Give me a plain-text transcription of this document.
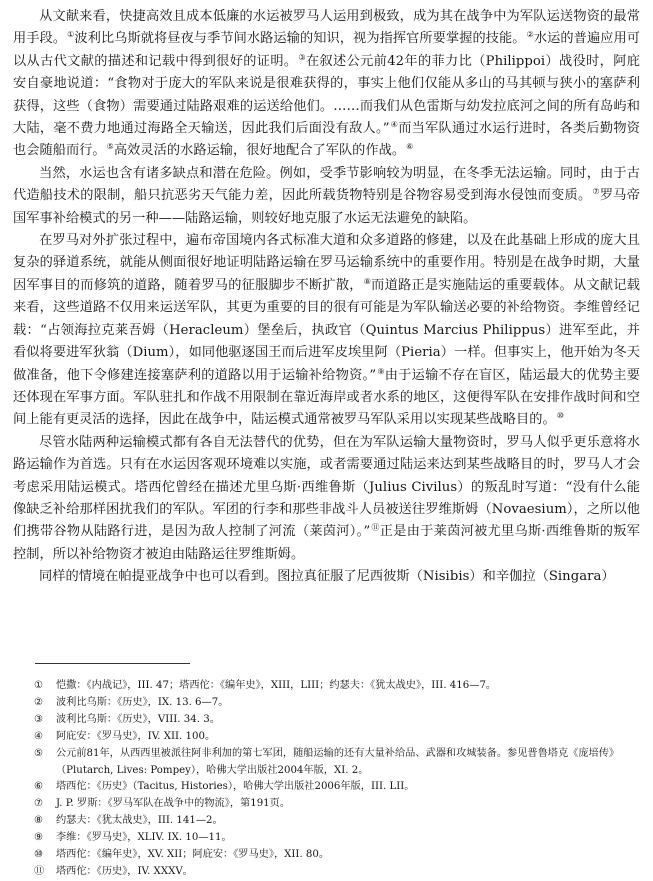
从文献来看，快捷高效且成本低廉的水运被罗马人运用到极致，成为其在战争中为军队运送物资的最常用手段。①波利比乌斯就将昼夜与季节间水路运输的知识，视为指挥官所要掌握的技能。②水运的普遍应用可以从古代文献的描述和记载中得到很好的证明。③在叙述公元前42年的菲力比（Philippoi）战役时，阿庇安自豪地说道：“食物对于庞大的军队来说是很难获得的，事实上他们仅能从多山的马其顿与狭小的塞萨利获得，这些（食物）需要通过陆路艰难的运送给他们。……而我们从色雷斯与幼发拉底河之间的所有岛屿和大陆，毫不费力地通过海路全天输送，因此我们后面没有敌人。”④而当军队通过水运行进时，各类后勤物资也会随船而行。⑤高效灵活的水路运输，很好地配合了军队的作战。⑥

当然，水运也含有诸多缺点和潜在危险。例如，受季节影响较为明显，在冬季无法运输。同时，由于古代造船技术的限制，船只抗恶劣天气能力差，因此所载货物特别是谷物容易受到海水侵蚀而变质。⑦罗马帝国军事补给模式的另一种——陆路运输，则较好地克服了水运无法避免的缺陷。

在罗马对外扩张过程中，遍布帝国境内各式标准大道和众多道路的修建，以及在此基础上形成的庞大且复杂的驿道系统，就能从侧面很好地证明陆路运输在罗马运输系统中的重要作用。特别是在战争时期，大量因军事目的而修筑的道路，随着罗马的征服脚步不断扩散，⑧而道路正是实施陆运的重要载体。从文献记载来看，这些道路不仅用来运送军队，其更为重要的目的很有可能是为军队输送必要的补给物资。李维曾经记载：“占领海拉克莱吾姆（Heracleum）堡垒后，执政官（Quintus Marcius Philippus）进军至此，并看似将要进军狄翁（Dium），如同他驱逐国王而后进军皮埃里阿（Pieria）一样。但事实上，他开始为冬天做准备，他下令修建连接塞萨利的道路以用于运输补给物资。”⑨由于运输不存在盲区，陆运最大的优势主要还体现在军事方面。军队驻扎和作战不用限制在靠近海岸或者水系的地区，这便得军队在安排作战时间和空间上能有更灵活的选择，因此在战争中，陆运模式通常被罗马军队采用以实现某些战略目的。⑩

尽管水陆两种运输模式都有各自无法替代的优势，但在为军队运输大量物资时，罗马人似乎更乐意将水路运输作为首选。只有在水运因客观环境难以实施，或者需要通过陆运来达到某些战略目的时，罗马人才会考虑采用陆运模式。塔西佗曾经在描述尤里乌斯·西维鲁斯（Julius Civilus）的叛乱时写道：“没有什么能像缺乏补给那样困扰我们的军队。军团的行李和那些非战斗人员被送往罗维斯姆（Novaesium），之所以他们携带谷物从陆路行进，是因为敌人控制了河流（莱茵河）。”⑪正是由于莱茵河被尤里乌斯·西维鲁斯的叛军控制，所以补给物资才被迫由陆路运往罗维斯姆。

同样的情境在帕提亚战争中也可以看到。图拉真征服了尼西彼斯（Nisibis）和辛伽拉（Singara）

①	恺撒：《内战记》，III. 47；塔西佗：《编年史》，XIII，LIII；约瑟夫：《犹太战史》，III. 416—7。
②	波利比乌斯：《历史》，IX. 13. 6—7。
③	波利比乌斯：《历史》，VIII. 34. 3。
④	阿庇安：《罗马史》，IV. XII. 100。
⑤	公元前81年，从西西里被派往阿非利加的第七军团，随船运输的还有大量补给品、武器和攻城装备。参见普鲁塔克《庞培传》（Plutarch, Lives: Pompey），哈佛大学出版社2004年版，XI. 2。
⑥	塔西佗：《历史》（Tacitus, Histories），哈佛大学出版社2006年版，III. LII。
⑦	J. P. 罗斯：《罗马军队在战争中的物流》，第191页。
⑧	约瑟夫：《犹太战史》，III. 141—2。
⑨	李维：《罗马史》，XLIV. IX. 10—11。
⑩	塔西佗：《编年史》，XV. XII；阿庇安：《罗马史》，XII. 80。
⑪	塔西佗：《历史》，IV. XXXV。
